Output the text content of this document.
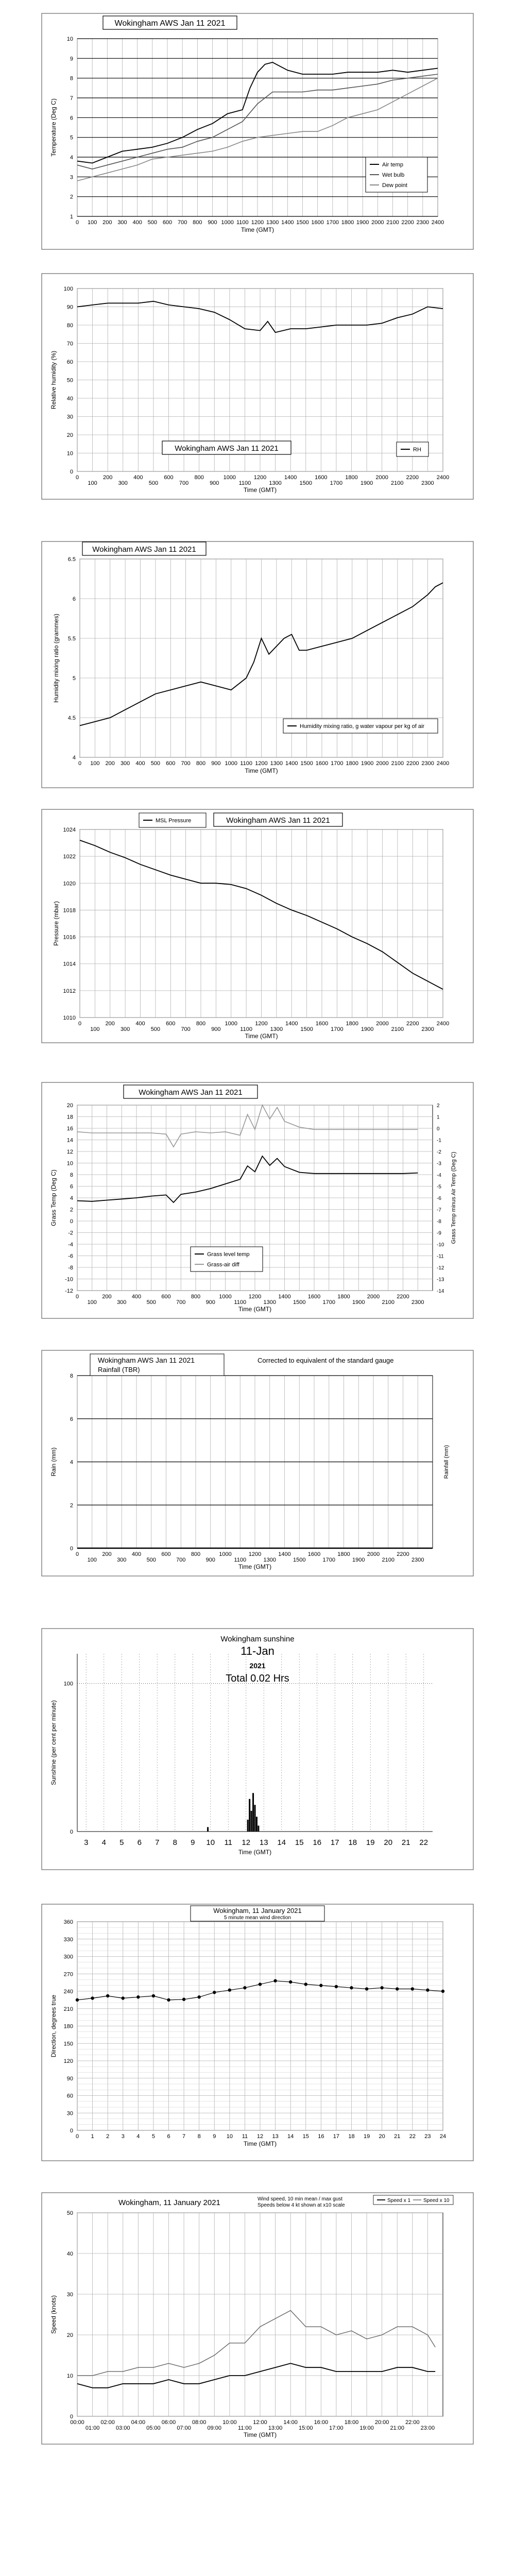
0 100 200 300 400 500 600 700 800 900 1000 1100 1200 1300 1400 1500 1600 1700 1800 1900 2000 2100 2200 2300 2400
1
2
3
4
5
6
7
8
9
10
Time (GMT)
Temperature (Deg C)
Wokingham AWS Jan 11 2021
Air temp
Wet bulb
Dew point
0
100
200
300
400
500
600
700
800
900
1000
1100
1200
1300
1400
1500
1600
1700
1800
1900
2000
2100
2200
2300
2400
0
10
20
30
40
50
60
70
80
90
100
Time (GMT)
Relative humidity (%)
Wokingham AWS Jan 11 2021	RH
0 100 200 300 400 500 600 700 800 900 1000 1100 1200 1300 1400 1500 1600 1700 1800 1900 2000 2100 2200 2300 2400
4
4.5
5
5.5
6
6.5
Time (GMT)
Humidity mixing ratio (grammes)
Wokingham AWS Jan 11 2021
Humidity mixing ratio, g water vapour per kg of air
0
100
200
300
400
500
600
700
800
900
1000
1100
1200
1300
1400
1500
1600
1700
1800
1900
2000
2100
2200
2300
2400
1010
1012
1014
1016
1018
1020
1022
1024
Time (GMT)
Pressure (mbar)
MSL Pressure	Wokingham AWS Jan 11 2021
0
100
200
300
400
500
600
700
800
900
1000
1100
1200
1300
1400
1500
1600
1700
1800
1900
2000
2100
2200
2300
-12
-10
-8
-6
-4
-2
0
2
4
6
8
10
12
14
16
18
20
Time (GMT)
Grass Temp (Deg C)
-14
-13
-12
-11
-10
-9
-8
-7
-6
-5
-4
-3
-2
-1
0
1
2
Grass Temp minus Air Temp (Deg C)
Wokingham AWS Jan 11 2021
Grass level temp
Grass-air diff
0
100
200
300
400
500
600
700
800
900
1000
1100
1200
1300
1400
1500
1600
1700
1800
1900
2000
2100
2200
2300
0
2
4
6
8
Time (GMT)
Rain (mm)	Rainfall (mm)
Wokingham AWS Jan 11 2021
Rainfall (TBR)
Corrected to equivalent of the standard gauge
3 4 5 6 7 8 9 10 11 12 13 14 15 16 17 18 19 20 21 22
0
100
Time (GMT)
Sunshine (per cent per minute)
Wokingham sunshine
11-Jan
2021
Total 0.02 Hrs
0 1 2 3 4 5 6 7 8 9 10 11 12 13 14 15 16 17 18 19 20 21 22 23 24
0
30
60
90
120
150
180
210
240
270
300
330
360
Time (GMT)
Direction, degrees true
Wokingham, 11 January 2021
5 minute mean wind direction
00:00
01:00
02:00
03:00
04:00
05:00
06:00
07:00
08:00
09:00
10:00
11:00
12:00
13:00
14:00
15:00
16:00
17:00
18:00
19:00
20:00
21:00
22:00
23:00
0
10
20
30
40
50
Time (GMT)
Speed (knots)
Wokingham, 11 January 2021	Wind speed, 10 min mean / max gust
Speeds below 4 kt shown at x10 scale
Speed x 1 Speed x 10
